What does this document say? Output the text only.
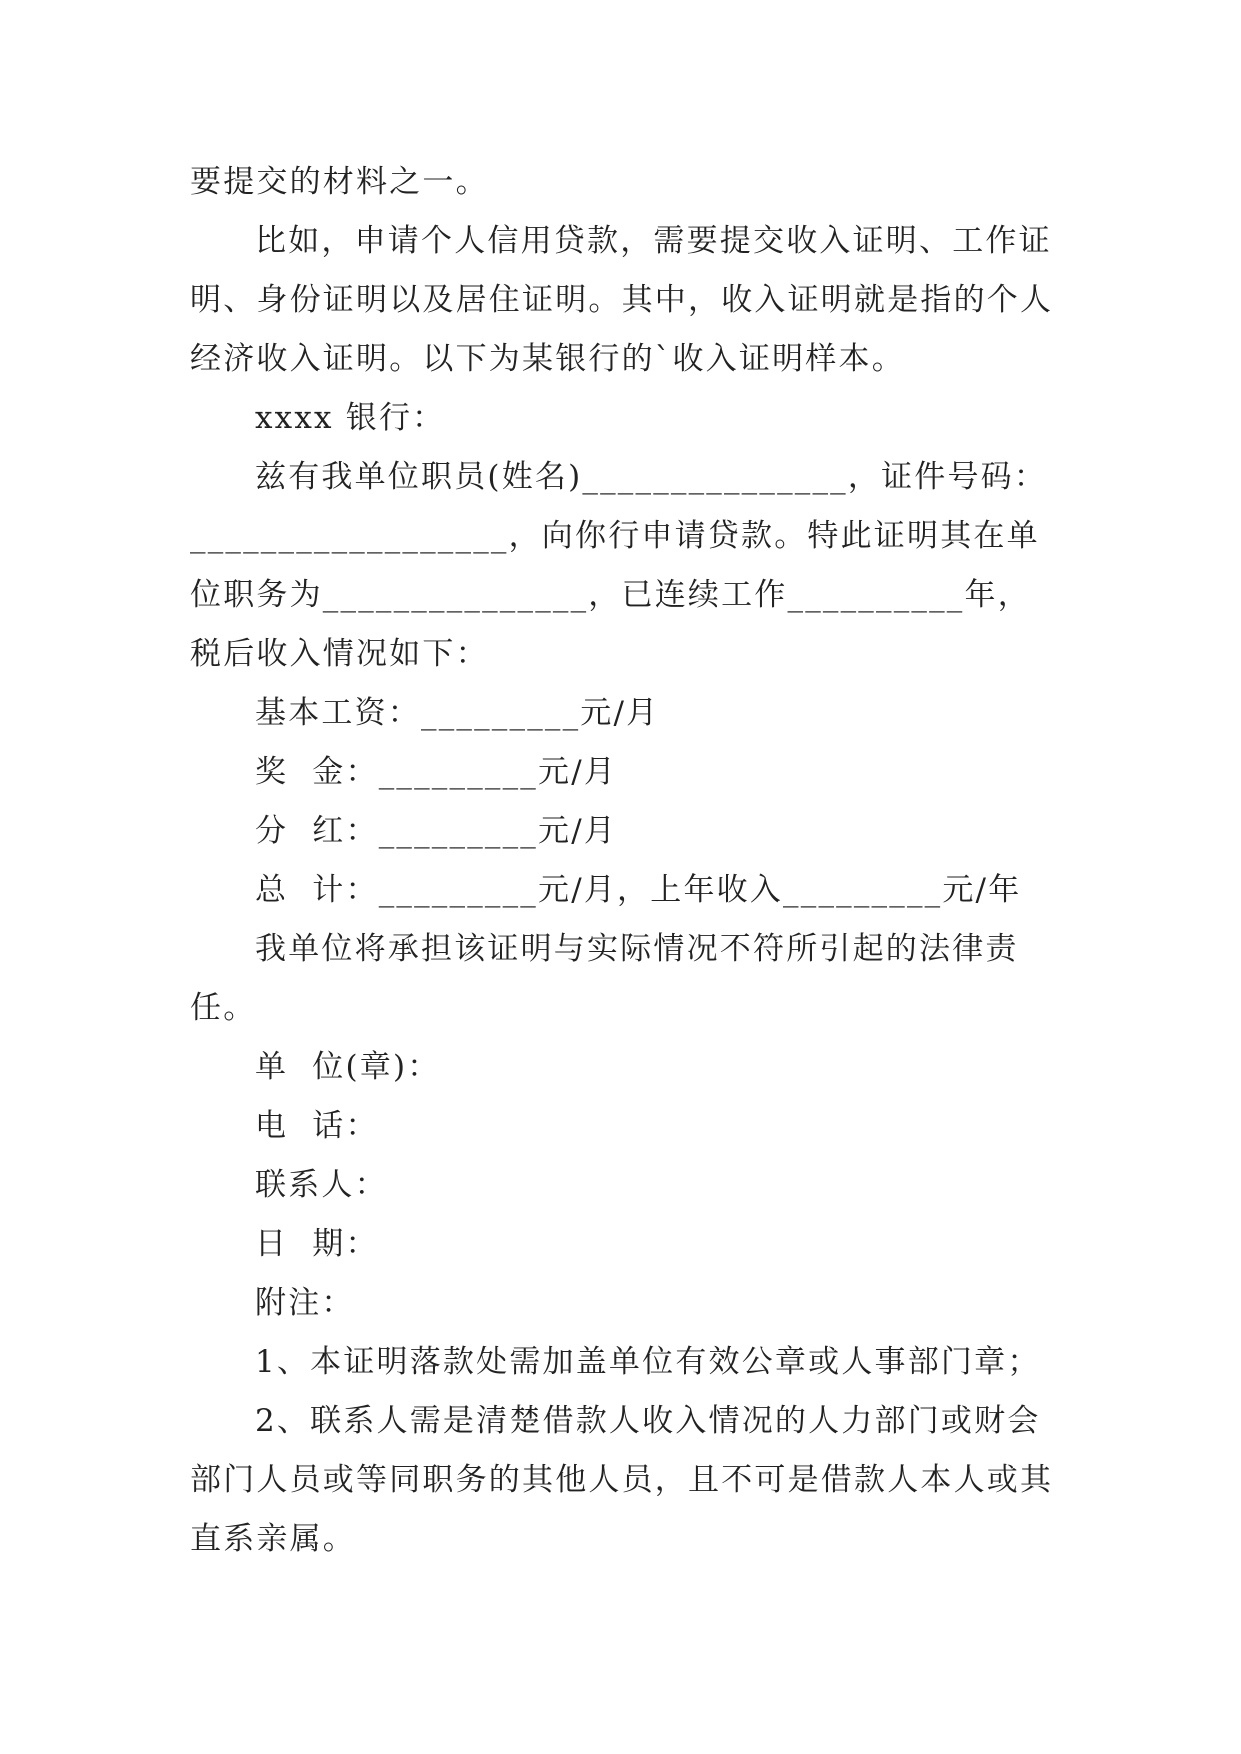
要提交的材料之一。
比如，申请个人信用贷款，需要提交收入证明、工作证
明、身份证明以及居住证明。其中，收入证明就是指的个人
经济收入证明。以下为某银行的`收入证明样本。
xxxx 银行：
兹有我单位职员(姓名)_______________，证件号码：
__________________，向你行申请贷款。特此证明其在单
位职务为_______________，已连续工作__________年，
税后收入情况如下：
基本工资：_________元/月
奖  金：_________元/月
分  红：_________元/月
总  计：_________元/月，上年收入_________元/年
我单位将承担该证明与实际情况不符所引起的法律责
任。
单  位(章)：
电  话：
联系人：
日  期：
附注：
1、本证明落款处需加盖单位有效公章或人事部门章；
2、联系人需是清楚借款人收入情况的人力部门或财会
部门人员或等同职务的其他人员，且不可是借款人本人或其
直系亲属。
